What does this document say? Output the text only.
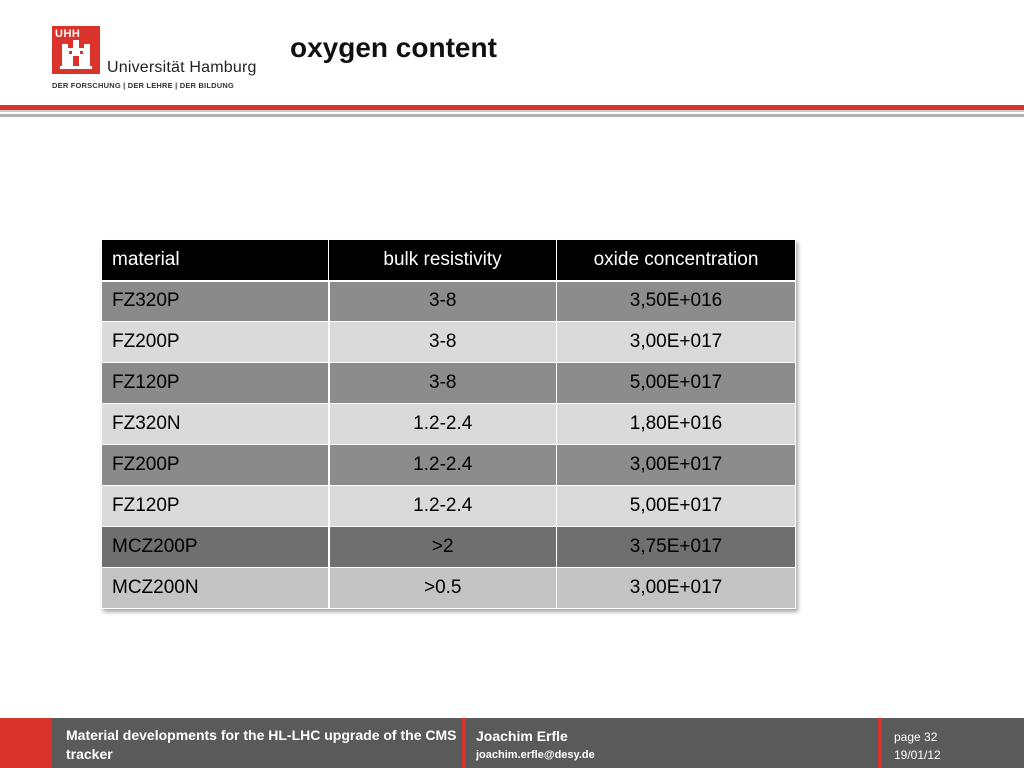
UHH
Universität Hamburg
DER FORSCHUNG | DER LEHRE | DER BILDUNG
oxygen content
material	bulk resistivity	oxide concentration
FZ320P	3-8	3,50E+016
FZ200P	3-8	3,00E+017
FZ120P	3-8	5,00E+017
FZ320N	1.2-2.4	1,80E+016
FZ200P	1.2-2.4	3,00E+017
FZ120P	1.2-2.4	5,00E+017
MCZ200P	>2	3,75E+017
MCZ200N	>0.5	3,00E+017
Material developments for the HL-LHC upgrade of the CMS tracker
Joachim Erfle
joachim.erfle@desy.de
page 32
19/01/12
